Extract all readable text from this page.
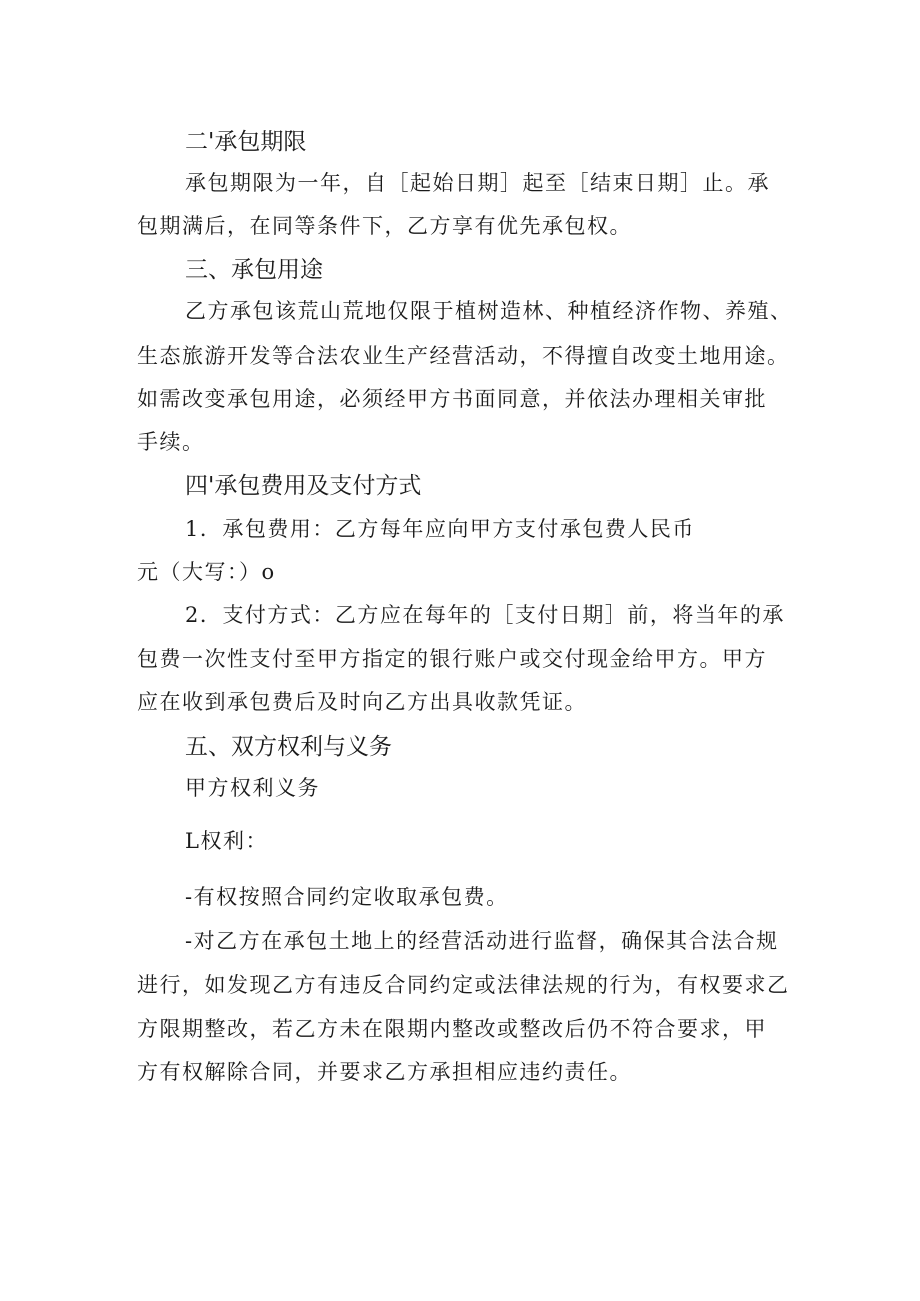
二'承包期限

承包期限为一年，自［起始日期］起至［结束日期］止。承

包期满后，在同等条件下，乙方享有优先承包权。

三、承包用途

乙方承包该荒山荒地仅限于植树造林、种植经济作物、养殖、

生态旅游开发等合法农业生产经营活动，不得擅自改变土地用途。

如需改变承包用途，必须经甲方书面同意，并依法办理相关审批

手续。

四'承包费用及支付方式

1．承包费用：乙方每年应向甲方支付承包费人民币

元（大写：）o

2．支付方式：乙方应在每年的［支付日期］前，将当年的承

包费一次性支付至甲方指定的银行账户或交付现金给甲方。甲方

应在收到承包费后及时向乙方出具收款凭证。

五、双方权利与义务

甲方权利义务

L权利：

-有权按照合同约定收取承包费。

-对乙方在承包土地上的经营活动进行监督，确保其合法合规

进行，如发现乙方有违反合同约定或法律法规的行为，有权要求乙

方限期整改，若乙方未在限期内整改或整改后仍不符合要求，甲

方有权解除合同，并要求乙方承担相应违约责任。
